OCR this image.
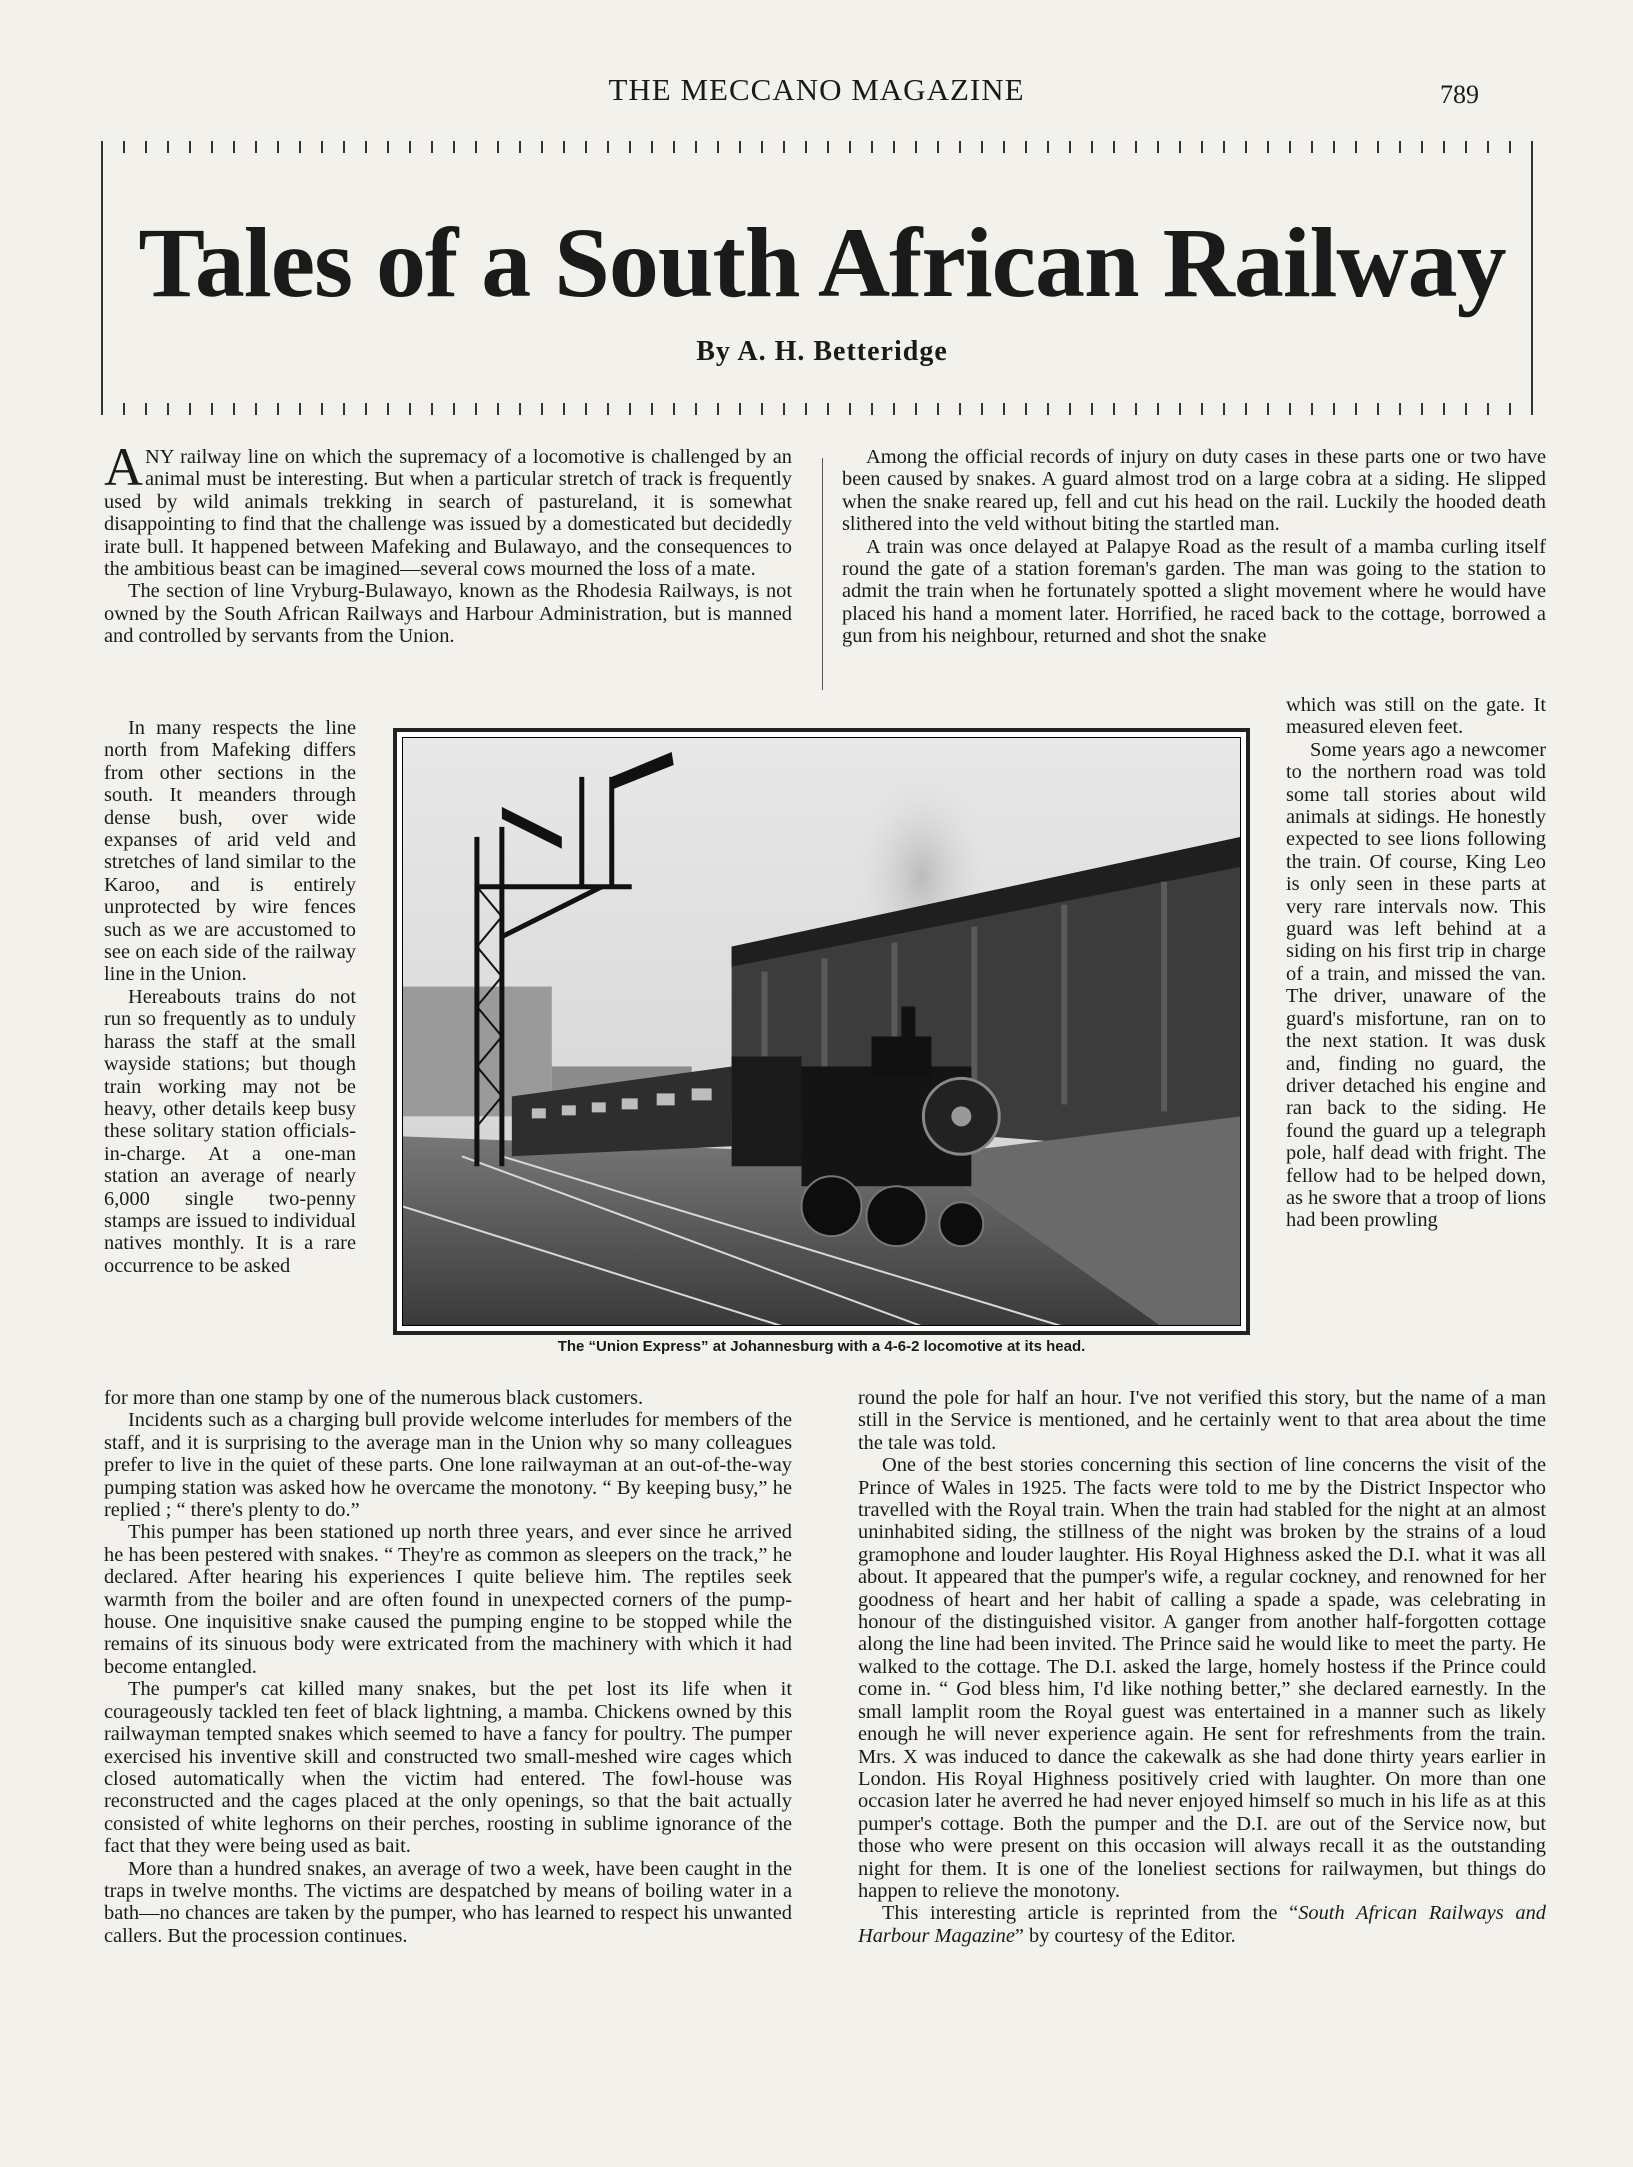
THE MECCANO MAGAZINE	789
Tales of a South African Railway
By A. H. Betteridge

ANY railway line on which the supremacy of a locomotive is challenged by an animal must be interesting. But when a particular stretch of track is frequently used by wild animals trekking in search of pastureland, it is somewhat disappointing to find that the challenge was issued by a domesticated but decidedly irate bull. It happened between Mafeking and Bulawayo, and the consequences to the ambitious beast can be imagined—several cows mourned the loss of a mate.

The section of line Vryburg-Bulawayo, known as the Rhodesia Railways, is not owned by the South African Railways and Harbour Administration, but is manned and controlled by servants from the Union.

In many respects the line north from Mafeking differs from other sections in the south. It meanders through dense bush, over wide expanses of arid veld and stretches of land similar to the Karoo, and is entirely unprotected by wire fences such as we are accustomed to see on each side of the railway line in the Union.

Hereabouts trains do not run so frequently as to unduly harass the staff at the small wayside stations; but though train working may not be heavy, other details keep busy these solitary station officials-in-charge. At a one-man station an average of nearly 6,000 single two-penny stamps are issued to individual natives monthly. It is a rare occurrence to be asked

for more than one stamp by one of the numerous black customers.

Incidents such as a charging bull provide welcome interludes for members of the staff, and it is surprising to the average man in the Union why so many colleagues prefer to live in the quiet of these parts. One lone railwayman at an out-of-the-way pumping station was asked how he overcame the monotony. “ By keeping busy,” he replied ; “ there's plenty to do.”

This pumper has been stationed up north three years, and ever since he arrived he has been pestered with snakes. “ They're as common as sleepers on the track,” he declared. After hearing his experiences I quite believe him. The reptiles seek warmth from the boiler and are often found in unexpected corners of the pump-house. One inquisitive snake caused the pumping engine to be stopped while the remains of its sinuous body were extricated from the machinery with which it had become entangled.

The pumper's cat killed many snakes, but the pet lost its life when it courageously tackled ten feet of black lightning, a mamba. Chickens owned by this railwayman tempted snakes which seemed to have a fancy for poultry. The pumper exercised his inventive skill and constructed two small-meshed wire cages which closed automatically when the victim had entered. The fowl-house was reconstructed and the cages placed at the only openings, so that the bait actually consisted of white leghorns on their perches, roosting in sublime ignorance of the fact that they were being used as bait.

More than a hundred snakes, an average of two a week, have been caught in the traps in twelve months. The victims are despatched by means of boiling water in a bath—no chances are taken by the pumper, who has learned to respect his unwanted callers. But the procession continues.

Among the official records of injury on duty cases in these parts one or two have been caused by snakes. A guard almost trod on a large cobra at a siding. He slipped when the snake reared up, fell and cut his head on the rail. Luckily the hooded death slithered into the veld without biting the startled man.

A train was once delayed at Palapye Road as the result of a mamba curling itself round the gate of a station foreman's garden. The man was going to the station to admit the train when he fortunately spotted a slight movement where he would have placed his hand a moment later. Horrified, he raced back to the cottage, borrowed a gun from his neighbour, returned and shot the snake

which was still on the gate. It measured eleven feet.

Some years ago a newcomer to the northern road was told some tall stories about wild animals at sidings. He honestly expected to see lions following the train. Of course, King Leo is only seen in these parts at very rare intervals now. This guard was left behind at a siding on his first trip in charge of a train, and missed the van. The driver, unaware of the guard's misfortune, ran on to the next station. It was dusk and, finding no guard, the driver detached his engine and ran back to the siding. He found the guard up a telegraph pole, half dead with fright. The fellow had to be helped down, as he swore that a troop of lions had been prowling

round the pole for half an hour. I've not verified this story, but the name of a man still in the Service is mentioned, and he certainly went to that area about the time the tale was told.

One of the best stories concerning this section of line concerns the visit of the Prince of Wales in 1925. The facts were told to me by the District Inspector who travelled with the Royal train. When the train had stabled for the night at an almost uninhabited siding, the stillness of the night was broken by the strains of a loud gramophone and louder laughter. His Royal Highness asked the D.I. what it was all about. It appeared that the pumper's wife, a regular cockney, and renowned for her goodness of heart and her habit of calling a spade a spade, was celebrating in honour of the distinguished visitor. A ganger from another half-forgotten cottage along the line had been invited. The Prince said he would like to meet the party. He walked to the cottage. The D.I. asked the large, homely hostess if the Prince could come in. “ God bless him, I'd like nothing better,” she declared earnestly. In the small lamplit room the Royal guest was entertained in a manner such as likely enough he will never experience again. He sent for refreshments from the train. Mrs. X was induced to dance the cakewalk as she had done thirty years earlier in London. His Royal Highness positively cried with laughter. On more than one occasion later he averred he had never enjoyed himself so much in his life as at this pumper's cottage. Both the pumper and the D.I. are out of the Service now, but those who were present on this occasion will always recall it as the outstanding night for them. It is one of the loneliest sections for railwaymen, but things do happen to relieve the monotony.

This interesting article is reprinted from the “South African Railways and Harbour Magazine” by courtesy of the Editor.

The “Union Express” at Johannesburg with a 4-6-2 locomotive at its head.
